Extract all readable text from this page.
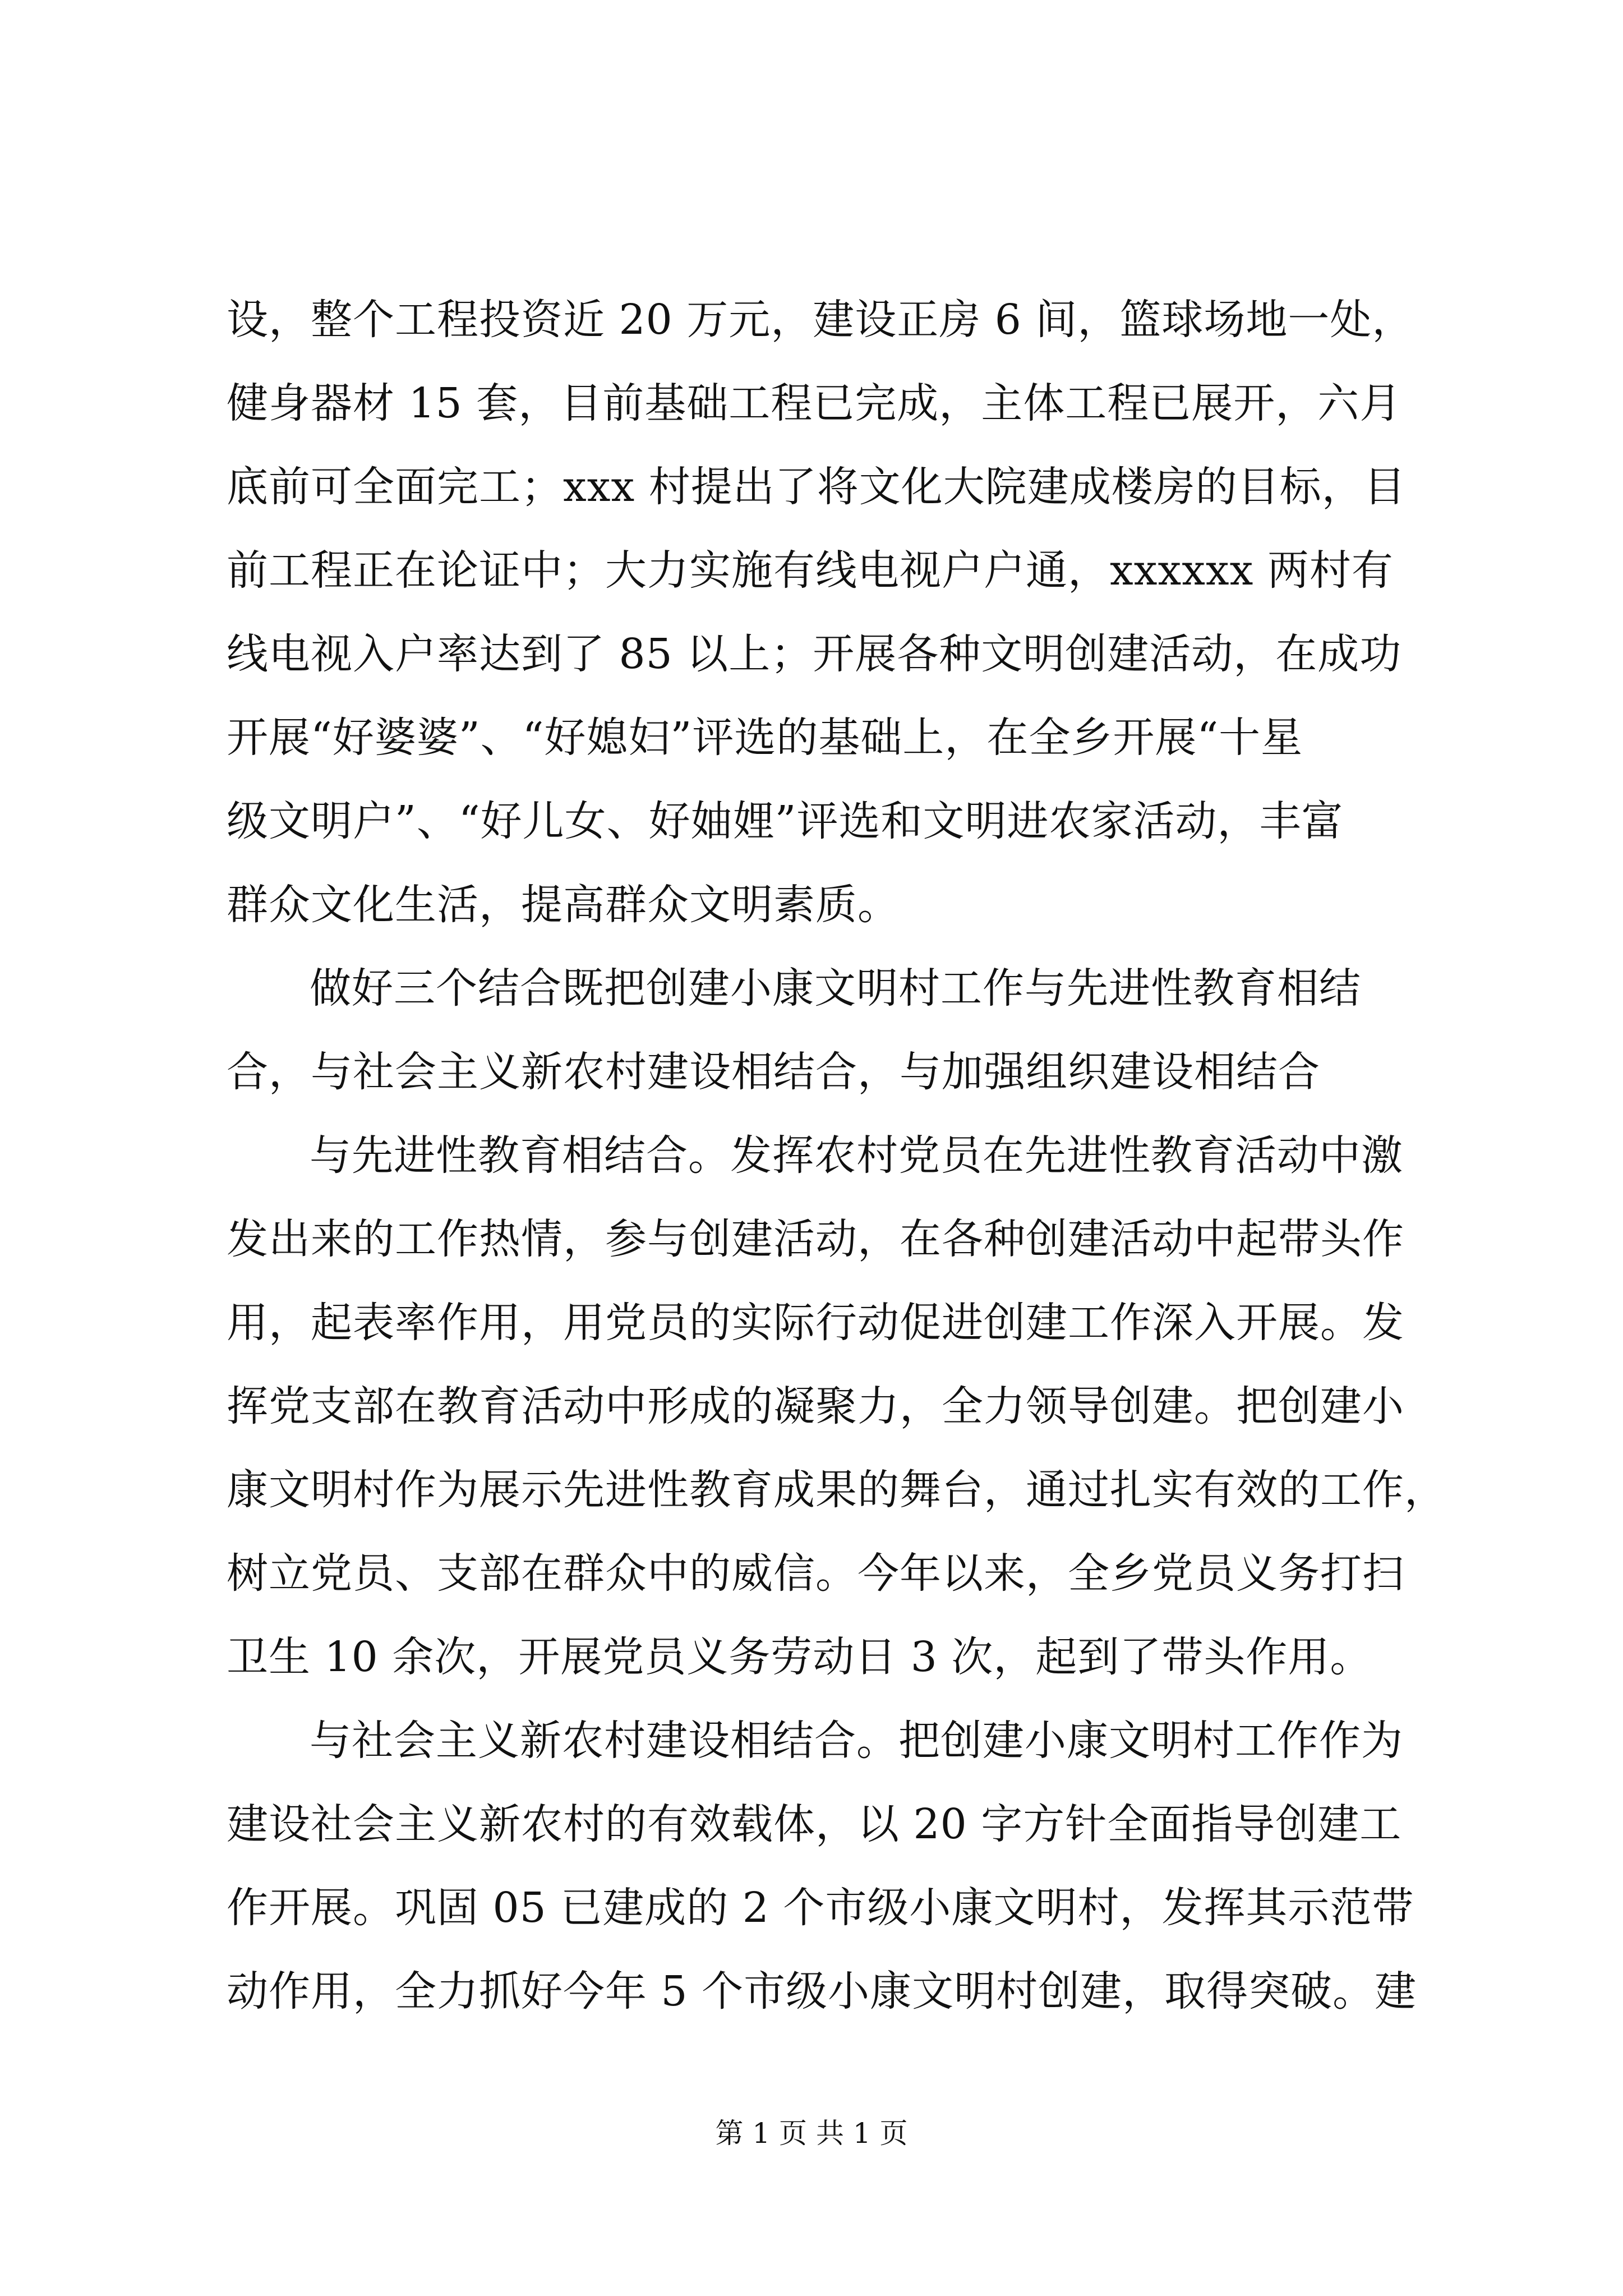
设，整个工程投资近 20 万元，建设正房 6 间，篮球场地一处，
健身器材 15 套，目前基础工程已完成，主体工程已展开，六月
底前可全面完工；xxx 村提出了将文化大院建成楼房的目标，目
前工程正在论证中；大力实施有线电视户户通，xxxxxx 两村有
线电视入户率达到了 85 以上；开展各种文明创建活动，在成功
开展“好婆婆”、“好媳妇”评选的基础上，在全乡开展“十星
级文明户”、“好儿女、好妯娌”评选和文明进农家活动，丰富
群众文化生活，提高群众文明素质。
做好三个结合既把创建小康文明村工作与先进性教育相结
合，与社会主义新农村建设相结合，与加强组织建设相结合
与先进性教育相结合。发挥农村党员在先进性教育活动中激
发出来的工作热情，参与创建活动，在各种创建活动中起带头作
用，起表率作用，用党员的实际行动促进创建工作深入开展。发
挥党支部在教育活动中形成的凝聚力，全力领导创建。把创建小
康文明村作为展示先进性教育成果的舞台，通过扎实有效的工作，
树立党员、支部在群众中的威信。今年以来，全乡党员义务打扫
卫生 10 余次，开展党员义务劳动日 3 次，起到了带头作用。
与社会主义新农村建设相结合。把创建小康文明村工作作为
建设社会主义新农村的有效载体，以 20 字方针全面指导创建工
作开展。巩固 05 已建成的 2 个市级小康文明村，发挥其示范带
动作用，全力抓好今年 5 个市级小康文明村创建，取得突破。建
第 1 页 共 1 页
